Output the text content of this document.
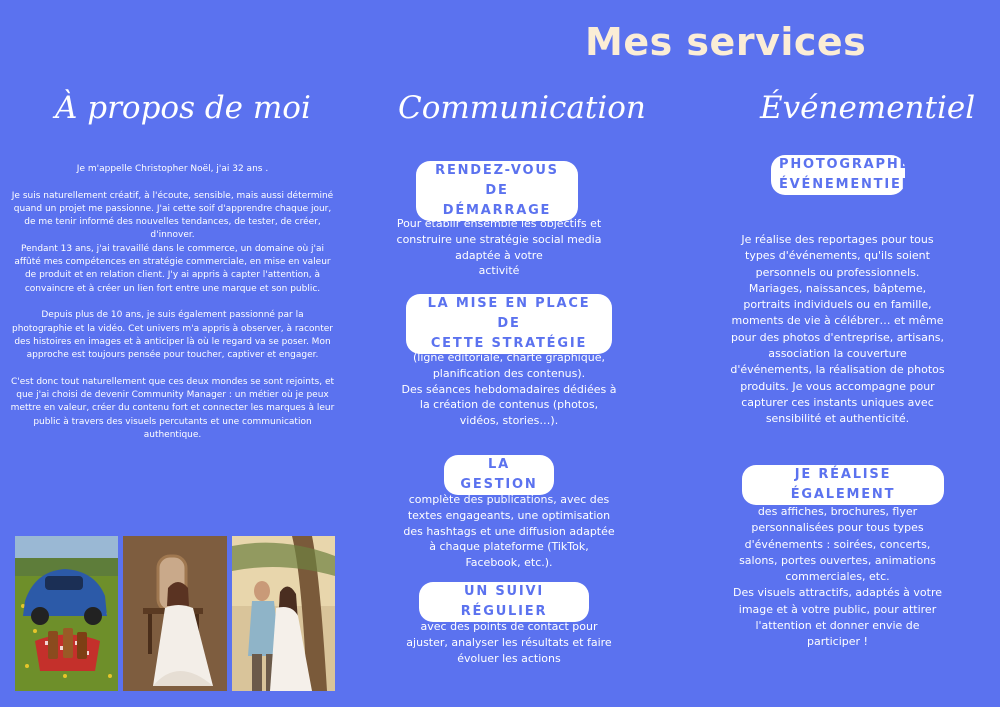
Mes services
À propos de moi
Je m'appelle Christopher Noël, j'ai 32 ans .

Je suis naturellement créatif, à l'écoute, sensible, mais aussi déterminé quand un projet me passionne. J'ai cette soif d'apprendre chaque jour, de me tenir informé des nouvelles tendances, de tester, de créer, d'innover.
Pendant 13 ans, j'ai travaillé dans le commerce, un domaine où j'ai affûté mes compétences en stratégie commerciale, en mise en valeur de produit et en relation client. J'y ai appris à capter l'attention, à convaincre et à créer un lien fort entre une marque et son public.

Depuis plus de 10 ans, je suis également passionné par la photographie et la vidéo. Cet univers m'a appris à observer, à raconter des histoires en images et à anticiper là où le regard va se poser. Mon approche est toujours pensée pour toucher, captiver et engager.

C'est donc tout naturellement que ces deux mondes se sont rejoints, et que j'ai choisi de devenir Community Manager : un métier où je peux mettre en valeur, créer du contenu fort et connecter les marques à leur public à travers des visuels percutants et une communication authentique.
Communication
RENDEZ-VOUS DE
DÉMARRAGE
Pour établir ensemble les objectifs et
construire une stratégie social media
adaptée à votre
activité
LA MISE EN PLACE DE
CETTE STRATÉGIE
(ligne éditoriale, charte graphique,
planification des contenus).
Des séances hebdomadaires dédiées à
la création de contenus (photos,
vidéos, stories…).
LA GESTION
complète des publications, avec des
textes engageants, une optimisation
des hashtags et une diffusion adaptée
à chaque plateforme (TikTok,
Facebook, etc.).
UN SUIVI RÉGULIER
avec des points de contact pour
ajuster, analyser les résultats et faire
évoluer les actions
Événementiel
PHOTOGRAPHE
ÉVÉNEMENTIEL
Je réalise des reportages pour tous
types d'événements, qu'ils soient
personnels ou professionnels.
Mariages, naissances, bâpteme,
portraits individuels ou en famille,
moments de vie à célébrer… et même
pour des photos d'entreprise, artisans,
association la couverture
d'événements, la réalisation de photos
produits. Je vous accompagne pour
capturer ces instants uniques avec
sensibilité et authenticité.
JE RÉALISE ÉGALEMENT
des affiches, brochures, flyer
personnalisées pour tous types
d'événements : soirées, concerts,
salons, portes ouvertes, animations
commerciales, etc.
Des visuels attractifs, adaptés à votre
image et à votre public, pour attirer
l'attention et donner envie de
participer !
